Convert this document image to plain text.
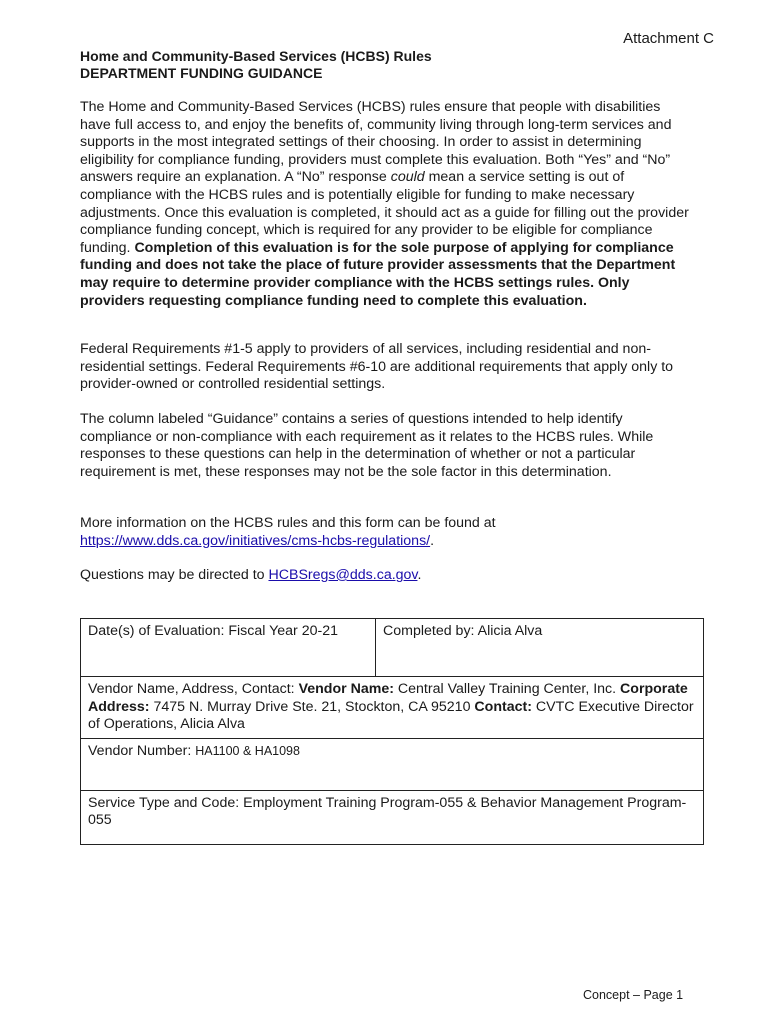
Attachment C
Home and Community-Based Services (HCBS) Rules
DEPARTMENT FUNDING GUIDANCE
The Home and Community-Based Services (HCBS) rules ensure that people with disabilities have full access to, and enjoy the benefits of, community living through long-term services and supports in the most integrated settings of their choosing. In order to assist in determining eligibility for compliance funding, providers must complete this evaluation. Both “Yes” and “No” answers require an explanation. A “No” response could mean a service setting is out of compliance with the HCBS rules and is potentially eligible for funding to make necessary adjustments. Once this evaluation is completed, it should act as a guide for filling out the provider compliance funding concept, which is required for any provider to be eligible for compliance funding. Completion of this evaluation is for the sole purpose of applying for compliance funding and does not take the place of future provider assessments that the Department may require to determine provider compliance with the HCBS settings rules. Only providers requesting compliance funding need to complete this evaluation.
Federal Requirements #1-5 apply to providers of all services, including residential and non-residential settings. Federal Requirements #6-10 are additional requirements that apply only to provider-owned or controlled residential settings.
The column labeled “Guidance” contains a series of questions intended to help identify compliance or non-compliance with each requirement as it relates to the HCBS rules. While responses to these questions can help in the determination of whether or not a particular requirement is met, these responses may not be the sole factor in this determination.
More information on the HCBS rules and this form can be found at
https://www.dds.ca.gov/initiatives/cms-hcbs-regulations/.
Questions may be directed to HCBSregs@dds.ca.gov.
Date(s) of Evaluation: Fiscal Year 20-21	Completed by: Alicia Alva
Vendor Name, Address, Contact: Vendor Name: Central Valley Training Center, Inc. Corporate Address: 7475 N. Murray Drive Ste. 21, Stockton, CA 95210 Contact: CVTC Executive Director of Operations, Alicia Alva
Vendor Number: HA1100 & HA1098
Service Type and Code: Employment Training Program-055 & Behavior Management Program-055
Concept – Page 1
